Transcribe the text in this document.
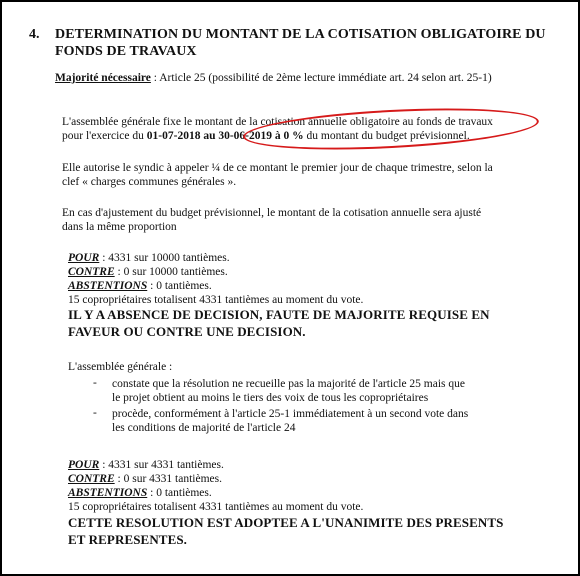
4. DETERMINATION DU MONTANT DE LA COTISATION OBLIGATOIRE DU
FONDS DE TRAVAUX
Majorité nécessaire : Article 25 (possibilité de 2ème lecture immédiate art. 24 selon art. 25-1)
L'assemblée générale fixe le montant de la cotisation annuelle obligatoire au fonds de travaux
pour l'exercice du 01-07-2018 au 30-06-2019 à 0 % du montant du budget prévisionnel.
Elle autorise le syndic à appeler ¼ de ce montant le premier jour de chaque trimestre, selon la
clef « charges communes générales ».
En cas d'ajustement du budget prévisionnel, le montant de la cotisation annuelle sera ajusté
dans la même proportion
POUR : 4331 sur 10000 tantièmes.
CONTRE : 0 sur 10000 tantièmes.
ABSTENTIONS : 0 tantièmes.
15 copropriétaires totalisent 4331 tantièmes au moment du vote.
IL Y A ABSENCE DE DECISION, FAUTE DE MAJORITE REQUISE EN
FAVEUR OU CONTRE UNE DECISION.
L'assemblée générale :
- constate que la résolution ne recueille pas la majorité de l'article 25 mais que
le projet obtient au moins le tiers des voix de tous les copropriétaires
- procède, conformément à l'article 25-1 immédiatement à un second vote dans
les conditions de majorité de l'article 24
POUR : 4331 sur 4331 tantièmes.
CONTRE : 0 sur 4331 tantièmes.
ABSTENTIONS : 0 tantièmes.
15 copropriétaires totalisent 4331 tantièmes au moment du vote.
CETTE RESOLUTION EST ADOPTEE A L'UNANIMITE DES PRESENTS
ET REPRESENTES.
